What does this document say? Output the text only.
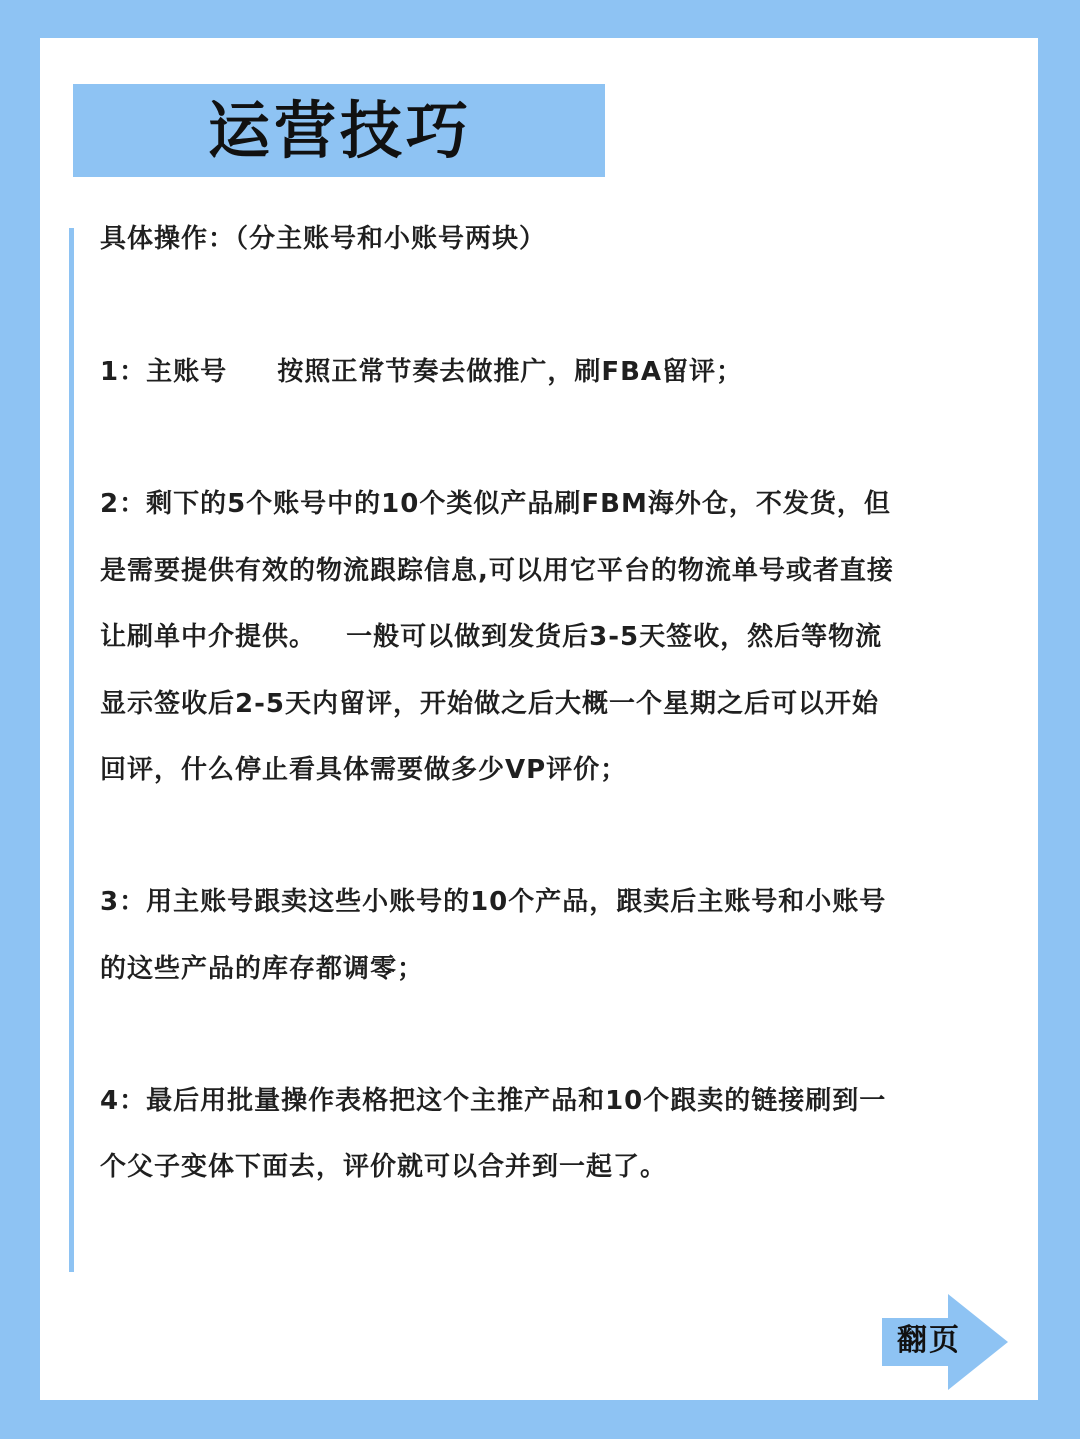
运营技巧
具体操作：（分主账号和小账号两块）
1：主账号     按照正常节奏去做推广，刷FBA留评；
2：剩下的5个账号中的10个类似产品刷FBM海外仓，不发货，但
是需要提供有效的物流跟踪信息,可以用它平台的物流单号或者直接
让刷单中介提供。   一般可以做到发货后3-5天签收，然后等物流
显示签收后2-5天内留评，开始做之后大概一个星期之后可以开始
回评，什么停止看具体需要做多少VP评价；
3：用主账号跟卖这些小账号的10个产品，跟卖后主账号和小账号
的这些产品的库存都调零；
4：最后用批量操作表格把这个主推产品和10个跟卖的链接刷到一
个父子变体下面去，评价就可以合并到一起了。
翻页
